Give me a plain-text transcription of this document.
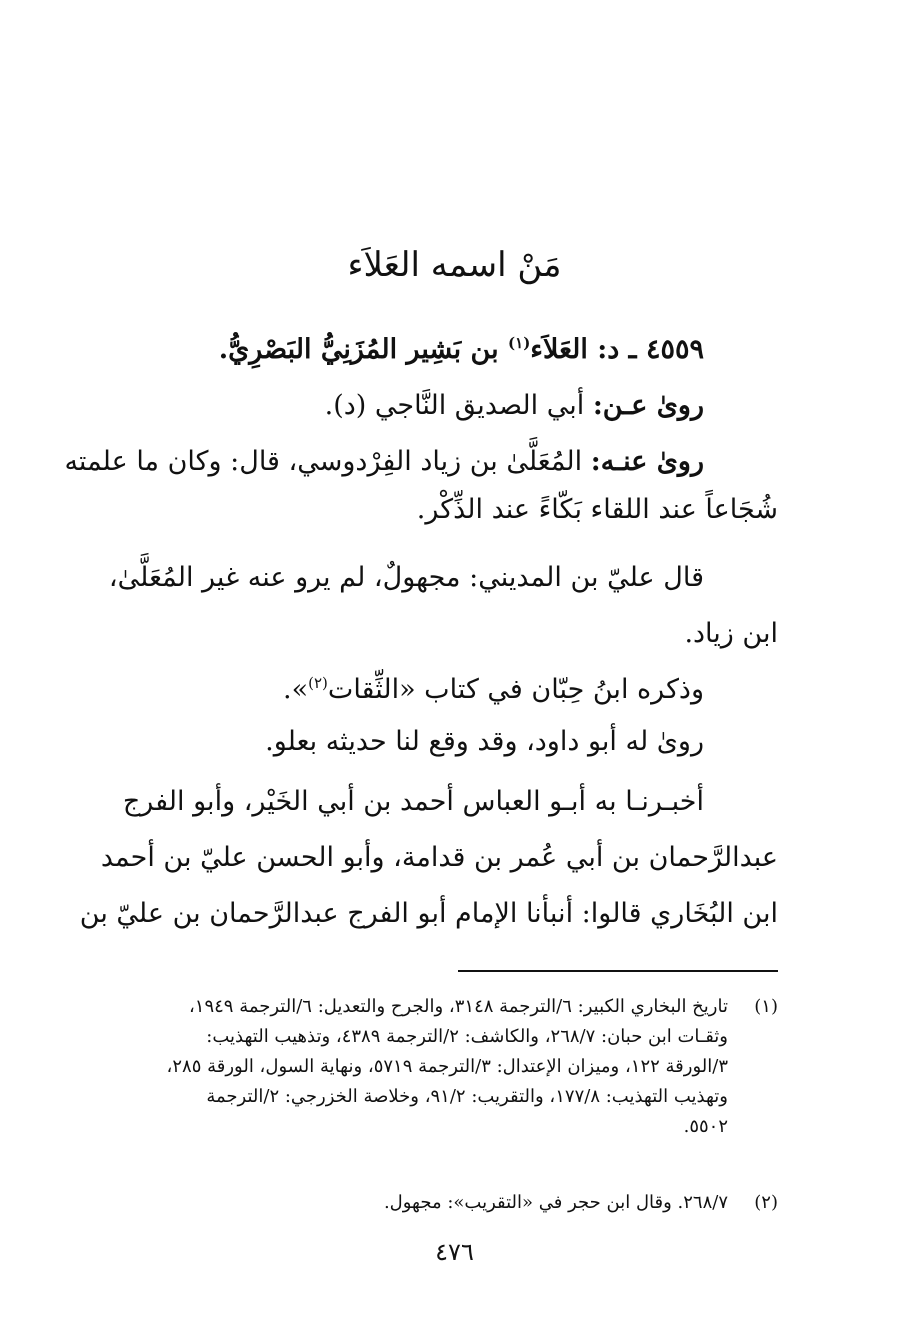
مَنْ اسمه العَلاَء
٤٥٥٩ ـ د: العَلاَء$^{(١)}$ بن بَشِير المُزَنِيُّ البَصْرِيُّ.
روىٰ عـن: أبي الصديق النَّاجي (د).
روىٰ عنـه: المُعَلَّىٰ بن زياد الفِرْدوسي، قال: وكان ما علمته
شُجَاعاً عند اللقاء بَكّاءً عند الذِّكْر.
قال عليّ بن المديني: مجهولٌ، لم يرو عنه غير المُعَلَّىٰ،
ابن زياد.
وذكره ابنُ حِبّان في كتاب «الثِّقات$^{(٢)}$».
روىٰ له أبو داود، وقد وقع لنا حديثه بعلو.
أخبـرنـا به أبـو العباس أحمد بن أبي الخَيْر، وأبو الفرج
عبدالرَّحمان بن أبي عُمر بن قدامة، وأبو الحسن عليّ بن أحمد
ابن البُخَاري قالوا: أنبأنا الإمام أبو الفرج عبدالرَّحمان بن عليّ بن
(١)
تاريخ البخاري الكبير: ٦/الترجمة ٣١٤٨، والجرح والتعديل: ٦/الترجمة ١٩٤٩،
وثقـات ابن حبان: ٢٦٨/٧، والكاشف: ٢/الترجمة ٤٣٨٩، وتذهيب التهذيب:
٣/الورقة ١٢٢، وميزان الإعتدال: ٣/الترجمة ٥٧١٩، ونهاية السول، الورقة ٢٨٥،
وتهذيب التهذيب: ١٧٧/٨، والتقريب: ٩١/٢، وخلاصة الخزرجي: ٢/الترجمة
٥٥٠٢.
(٢)
٢٦٨/٧. وقال ابن حجر في «التقريب»: مجهول.
٤٧٦
